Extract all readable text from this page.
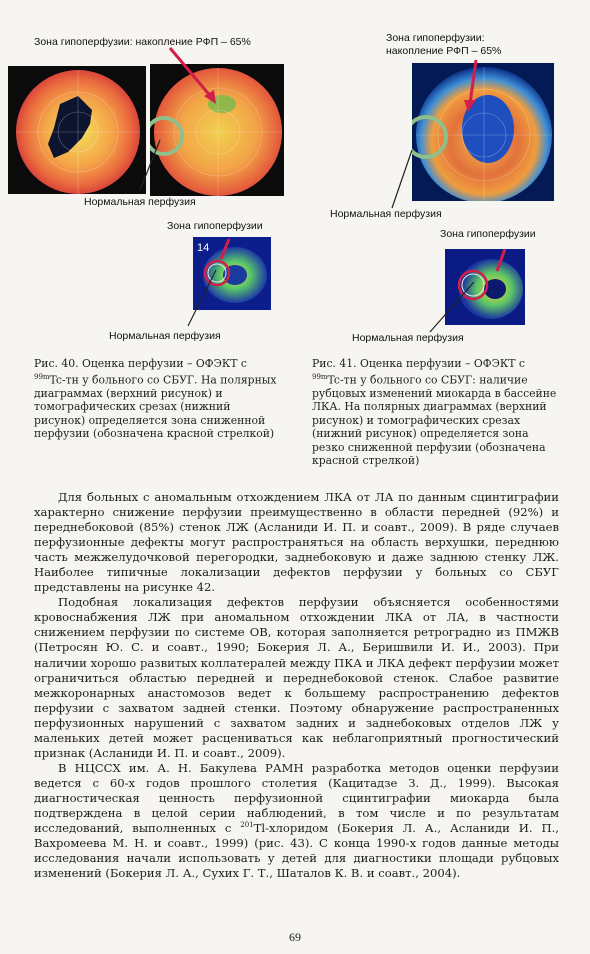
Зона гипоперфузии: накопление РФП – 65%
Нормальная перфузия
Зона гипоперфузии
14
Нормальная перфузия
Рис. 40. Оценка перфузии – ОФЭКТ с $^{99m}$Tc-тн у больного со СБУГ. На полярных диаграммах (верхний рисунок) и томографических срезах (нижний рисунок) определяется зона сниженной перфузии (обозначена красной стрелкой)
Зона гипоперфузии:
накопление РФП – 65%
Нормальная перфузия
Зона гипоперфузии
Нормальная перфузия
Рис. 41. Оценка перфузии – ОФЭКТ с $^{99m}$Tc-тн у больного со СБУГ: наличие рубцовых изменений миокарда в бассейне ЛКА. На полярных диаграммах (верхний рисунок) и томографических срезах (нижний рисунок) определяется зона резко сниженной перфузии (обозначена красной стрелкой)

Для больных с аномальным отхождением ЛКА от ЛА по данным сцинтиграфии характерно снижение перфузии преимущественно в области передней (92%) и переднебоковой (85%) стенок ЛЖ (Асланиди И. П. и соавт., 2009). В ряде случаев перфузионные дефекты могут распространяться на область верхушки, переднюю часть межжелудочковой перегородки, заднебоковую и даже заднюю стенку ЛЖ. Наиболее типичные локализации дефектов перфузии у больных со СБУГ представлены на рисунке 42.

Подобная локализация дефектов перфузии объясняется особенностями кровоснабжения ЛЖ при аномальном отхождении ЛКА от ЛА, в частности снижением перфузии по системе ОВ, которая заполняется ретроградно из ПМЖВ (Петросян Ю. С. и соавт., 1990; Бокерия Л. А., Беришвили И. И., 2003). При наличии хорошо развитых коллатералей между ПКА и ЛКА дефект перфузии может ограничиться областью передней и переднебоковой стенок. Слабое развитие межкоронарных анастомозов ведет к большему распространению дефектов перфузии с захватом задней стенки. Поэтому обнаружение распространенных перфузионных нарушений с захватом задних и заднебоковых отделов ЛЖ у маленьких детей может расцениваться как неблагоприятный прогностический признак (Асланиди И. П. и соавт., 2009).

В НЦССХ им. А. Н. Бакулева РАМН разработка методов оценки перфузии ведется с 60-х годов прошлого столетия (Кацитадзе З. Д., 1999). Высокая диагностическая ценность перфузионной сцинтиграфии миокарда была подтверждена в целой серии наблюдений, в том числе и по результатам исследований, выполненных с $^{201}$Tl-хлоридом (Бокерия Л. А., Асланиди И. П., Вахромеева М. Н. и соавт., 1999) (рис. 43). С конца 1990-х годов данные методы исследования начали использовать у детей для диагностики площади рубцовых изменений (Бокерия Л. А., Сухих Г. Т., Шаталов К. В. и соавт., 2004).

69
